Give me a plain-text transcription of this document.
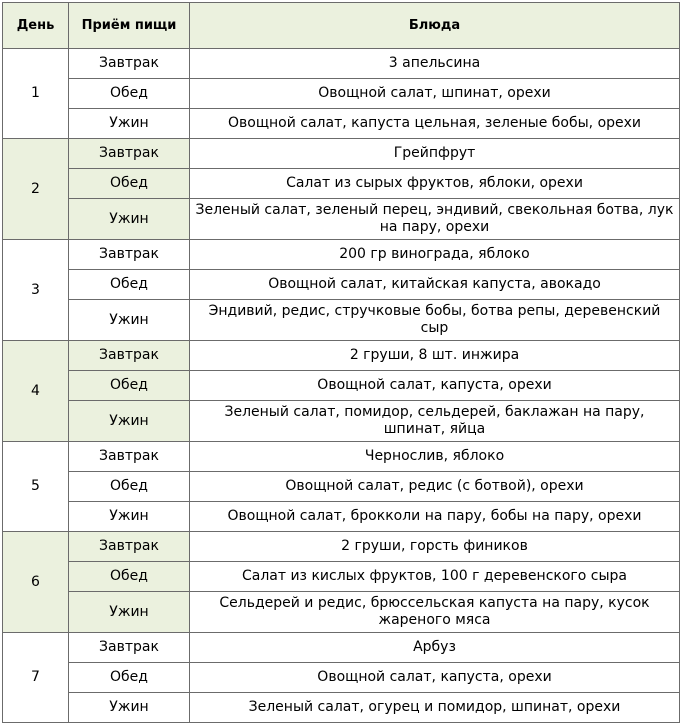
День	Приём пищи	Блюда
1	Завтрак	3 апельсина
	Обед	Овощной салат, шпинат, орехи
	Ужин	Овощной салат, капуста цельная, зеленые бобы, орехи
2	Завтрак	Грейпфрут
	Обед	Салат из сырых фруктов, яблоки, орехи
	Ужин	Зеленый салат, зеленый перец, эндивий, свекольная ботва, лук на пару, орехи
3	Завтрак	200 гр винограда, яблоко
	Обед	Овощной салат, китайская капуста, авокадо
	Ужин	Эндивий, редис, стручковые бобы, ботва репы, деревенский сыр
4	Завтрак	2 груши, 8 шт. инжира
	Обед	Овощной салат, капуста, орехи
	Ужин	Зеленый салат, помидор, сельдерей, баклажан на пару, шпинат, яйца
5	Завтрак	Чернослив, яблоко
	Обед	Овощной салат, редис (с ботвой), орехи
	Ужин	Овощной салат, брокколи на пару, бобы на пару, орехи
6	Завтрак	2 груши, горсть фиников
	Обед	Салат из кислых фруктов, 100 г деревенского сыра
	Ужин	Сельдерей и редис, брюссельская капуста на пару, кусок жареного мяса
7	Завтрак	Арбуз
	Обед	Овощной салат, капуста, орехи
	Ужин	Зеленый салат, огурец и помидор, шпинат, орехи
